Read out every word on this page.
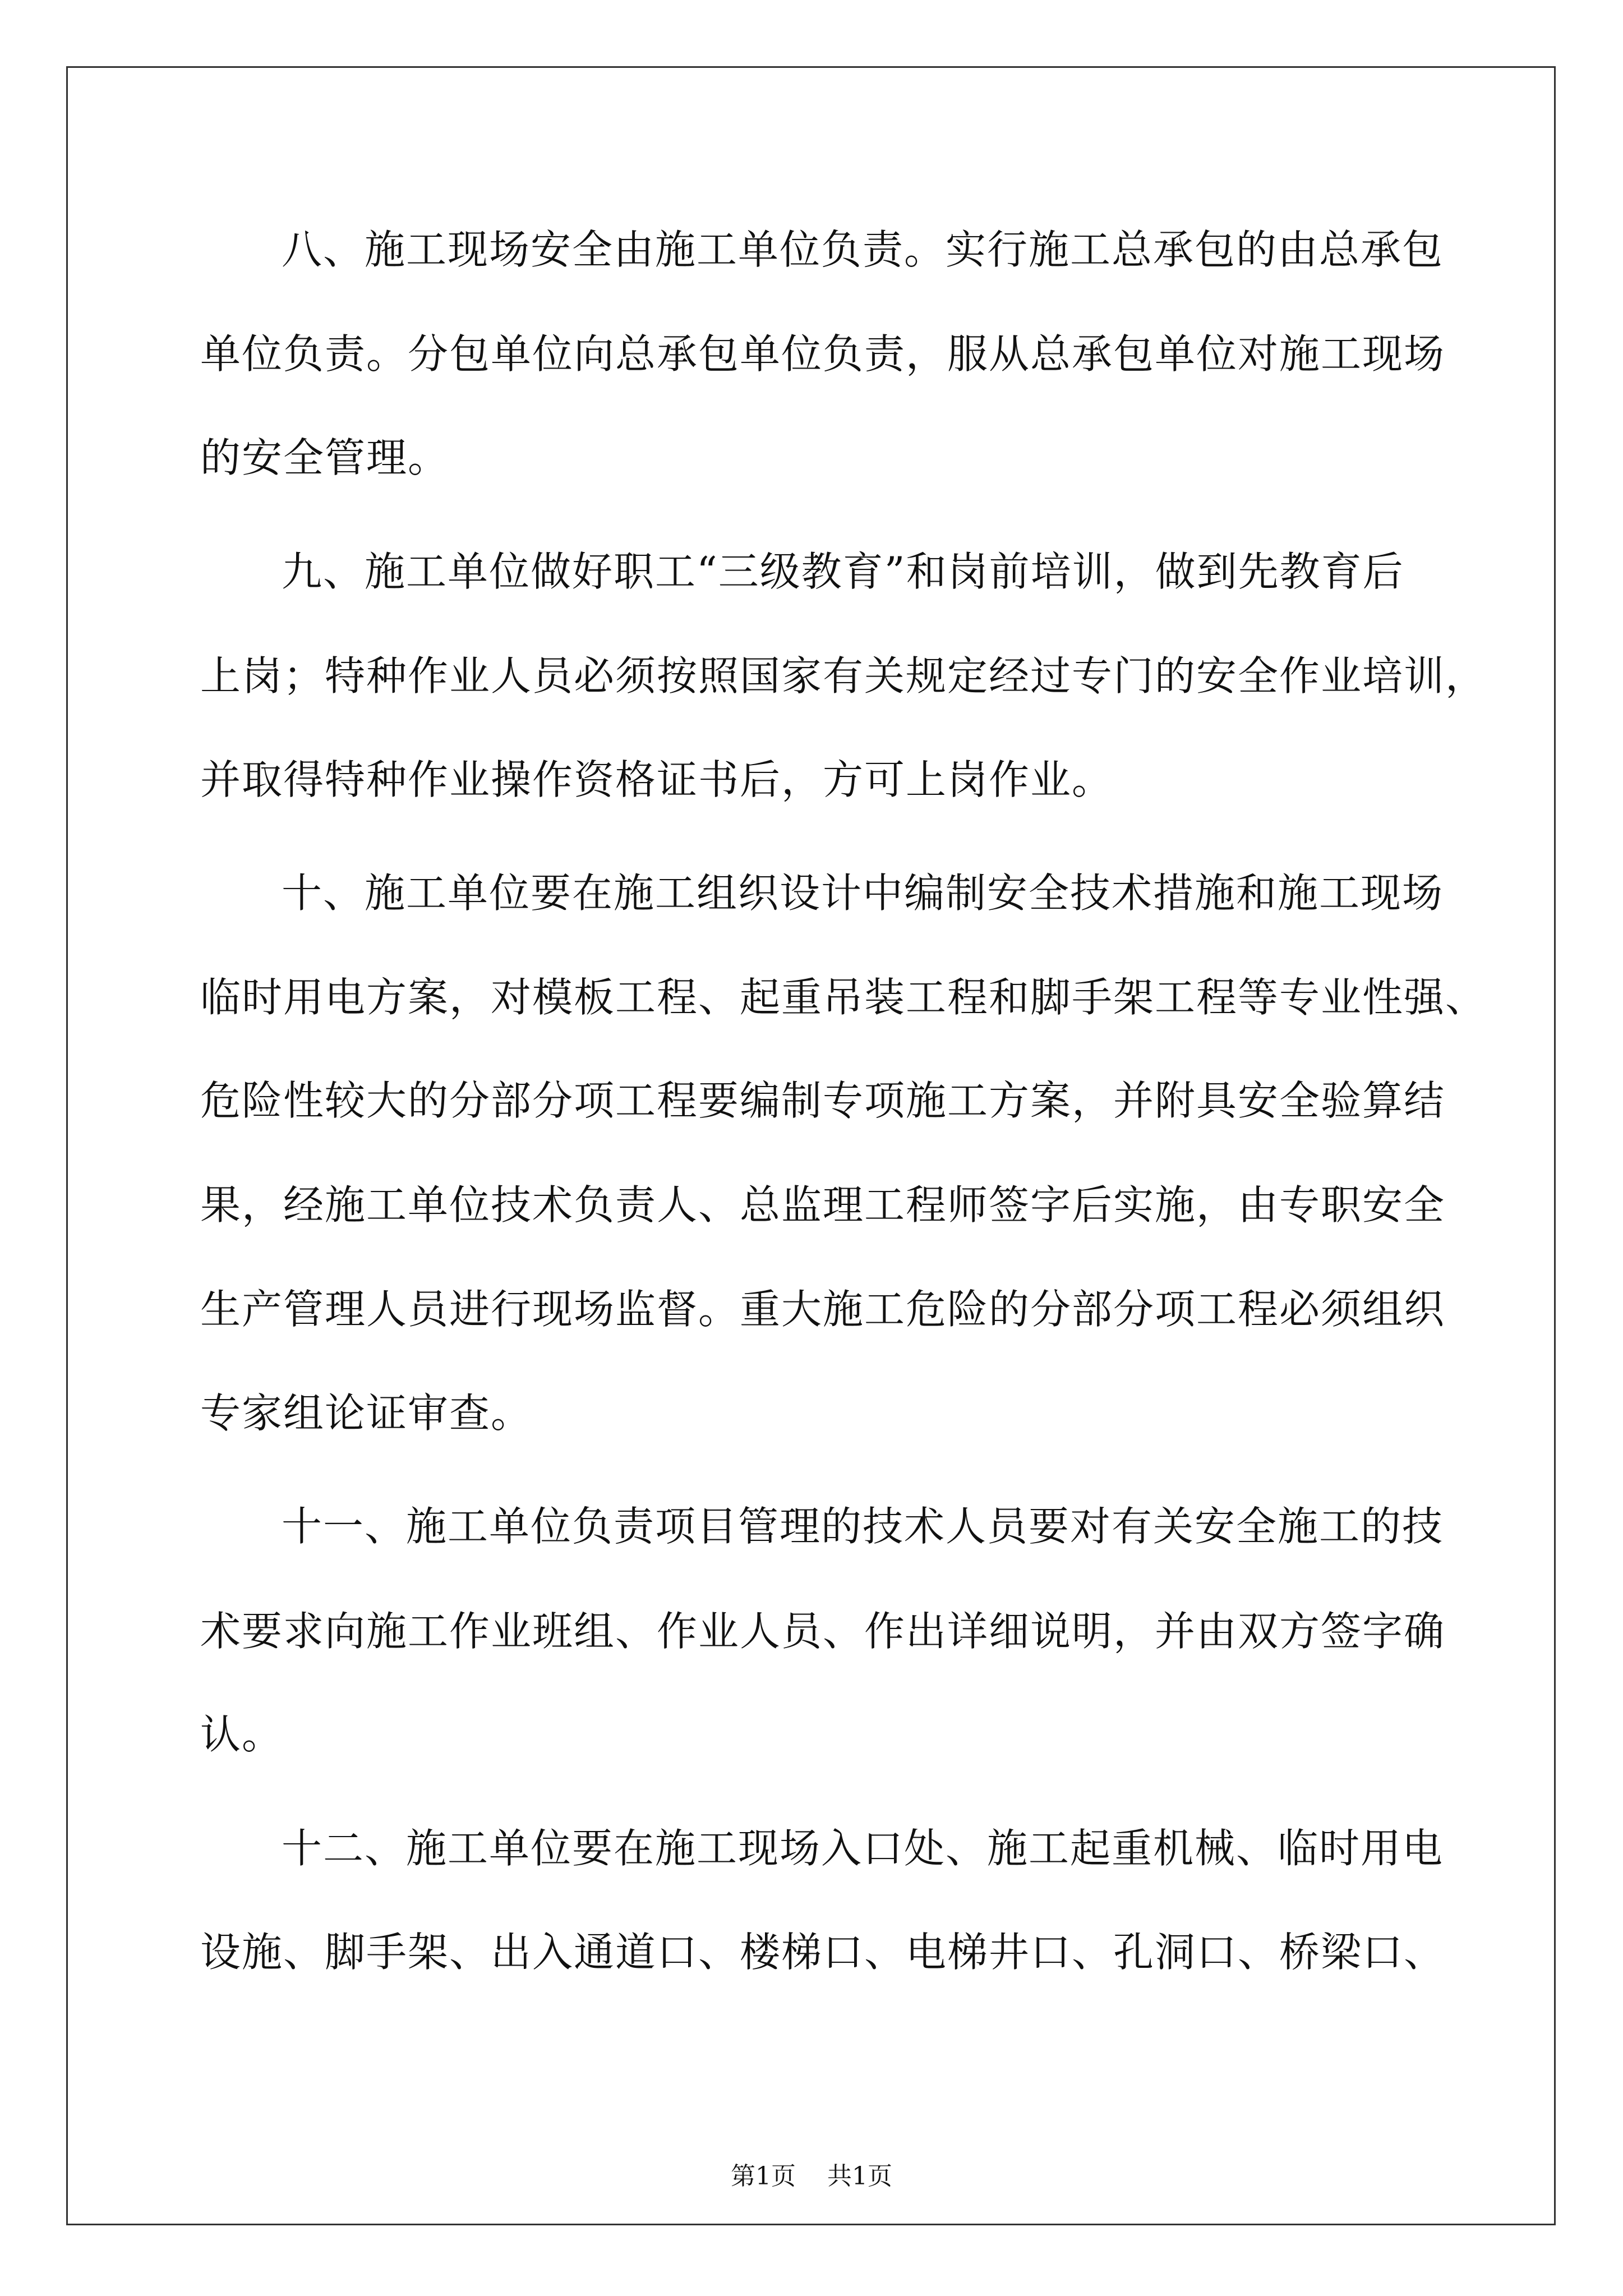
八、施工现场安全由施工单位负责。实行施工总承包的由总承包
单位负责。分包单位向总承包单位负责，服从总承包单位对施工现场
的安全管理。
九、施工单位做好职工“三级教育”和岗前培训，做到先教育后
上岗；特种作业人员必须按照国家有关规定经过专门的安全作业培训，
并取得特种作业操作资格证书后，方可上岗作业。
十、施工单位要在施工组织设计中编制安全技术措施和施工现场
临时用电方案，对模板工程、起重吊装工程和脚手架工程等专业性强、
危险性较大的分部分项工程要编制专项施工方案，并附具安全验算结
果，经施工单位技术负责人、总监理工程师签字后实施，由专职安全
生产管理人员进行现场监督。重大施工危险的分部分项工程必须组织
专家组论证审查。
十一、施工单位负责项目管理的技术人员要对有关安全施工的技
术要求向施工作业班组、作业人员、作出详细说明，并由双方签字确
认。
十二、施工单位要在施工现场入口处、施工起重机械、临时用电
设施、脚手架、出入通道口、楼梯口、电梯井口、孔洞口、桥梁口、
第1页 共1页
